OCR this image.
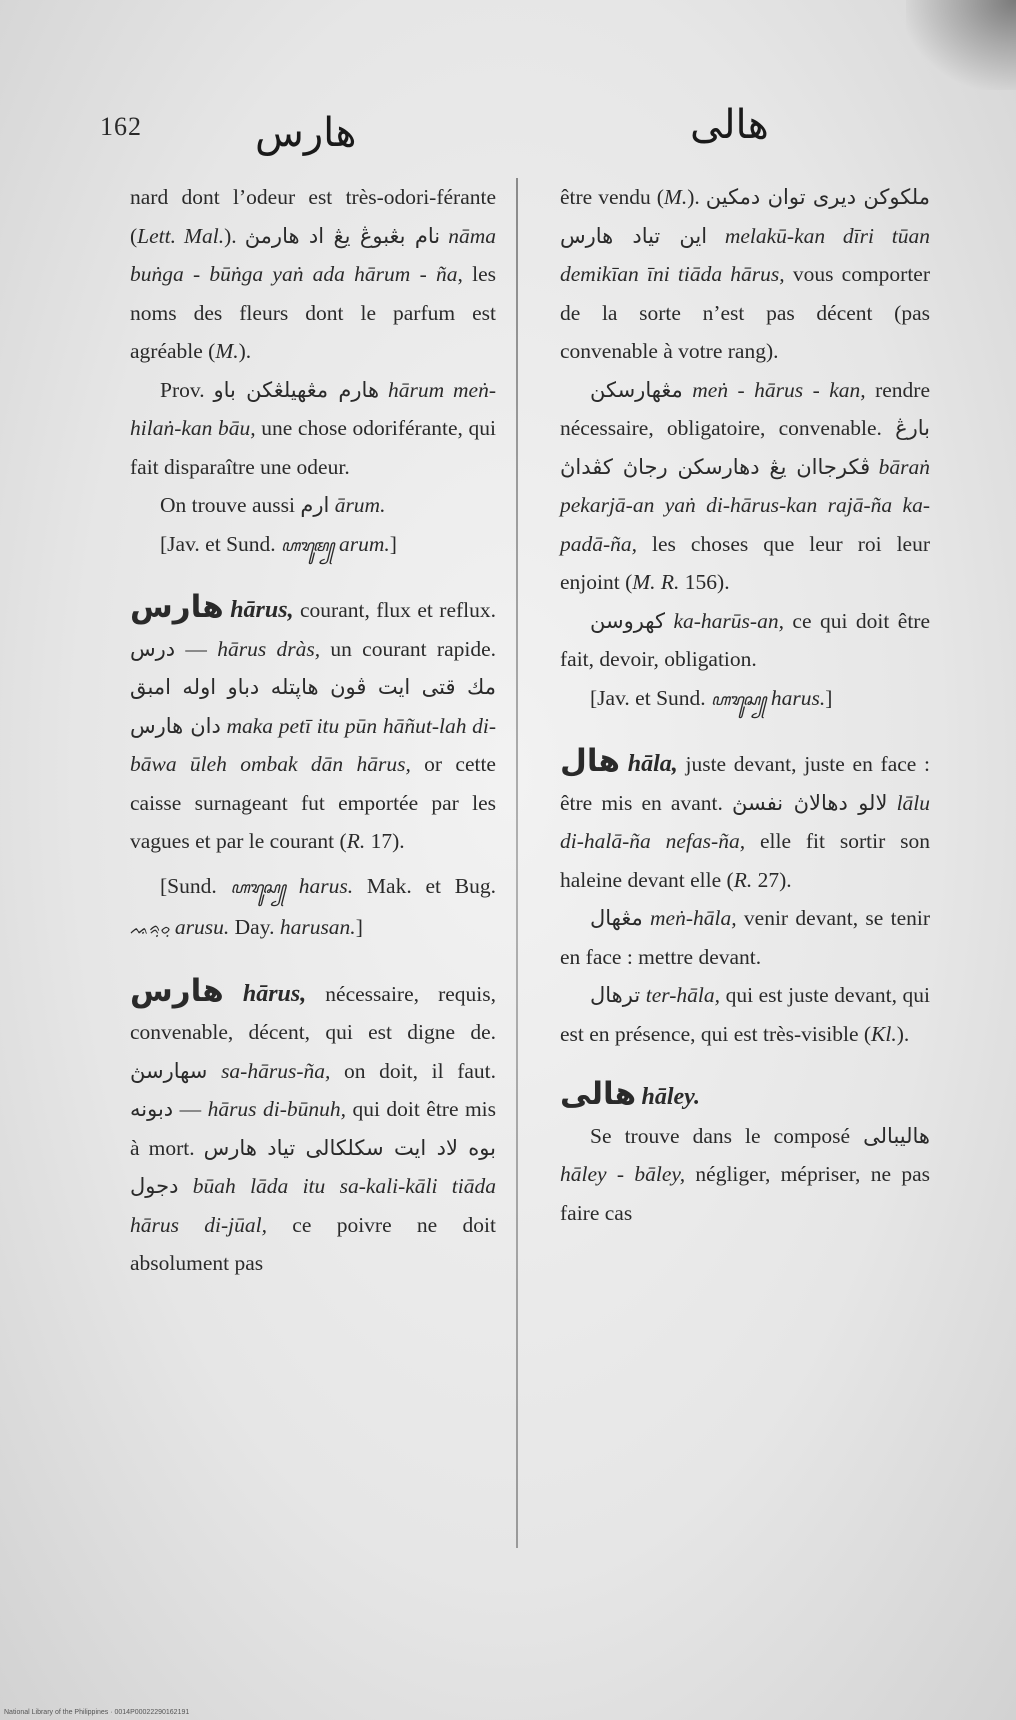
162	هارس	هالى

nard dont l’odeur est très-odori-férante (Lett. Mal.). نام بڠبوڠ يڠ اد هارمڽ nāma buṅga - būṅga yaṅ ada hārum - ña, les noms des fleurs dont le parfum est agréable (M.).

Prov. هارم مڠهيلڠكن باو hārum meṅ-hilaṅ-kan bāu, une chose odoriférante, qui fait disparaître une odeur.

On trouve aussi ارم ārum.

[Jav. et Sund. ꦲꦫꦸꦩ꧀ arum.]

هارس hārus, courant, flux et reflux. درس — hārus dràs, un courant rapide. مك قتى ايت ڤون هاڽتله دباو اوله امبق دان هارس maka petī itu pūn hāñut-lah di-bāwa ūleh ombak dān hārus, or cette caisse surnageant fut emportée par les vagues et par le courant (R. 17).

[Sund. ꦲꦫꦸꦱ꧀ harus. Mak. et Bug. ᨕᨑᨘᨔᨘ arusu. Day. harusan.]

هارس hārus, nécessaire, requis, convenable, décent, qui est digne de. سهارسڽ sa-hārus-ña, on doit, il faut. دبونه — hārus di-būnuh, qui doit être mis à mort. بوه لاد ايت سكلكالى تياد هارس دجول būah lāda itu sa-kali-kāli tiāda hārus di-jūal, ce poivre ne doit absolument pas

être vendu (M.). ملكوكن ديرى توان دمكين اين تياد هارس melakū-kan dīri tūan demikīan īni tiāda hārus, vous comporter de la sorte n’est pas décent (pas convenable à votre rang).

مڠهارسكن meṅ - hārus - kan, rendre nécessaire, obligatoire, convenable. بارڠ ڤكرجاان يڠ دهارسكن رجاڽ كڤداڽ bāraṅ pekarjā-an yaṅ di-hārus-kan rajā-ña ka-padā-ña, les choses que leur roi leur enjoint (M. R. 156).

كهروسن ka-harūs-an, ce qui doit être fait, devoir, obligation.

[Jav. et Sund. ꦲꦫꦸꦱ꧀ harus.]

هال hāla, juste devant, juste en face : être mis en avant. لالو دهالاڽ نفسڽ lālu di-halā-ña nefas-ña, elle fit sortir son haleine devant elle (R. 27).

مڠهال meṅ-hāla, venir devant, se tenir en face : mettre devant.

ترهال ter-hāla, qui est juste devant, qui est en présence, qui est très-visible (Kl.).

هالى hāley.

Se trouve dans le composé هاليبالى hāley - bāley, négliger, mépriser, ne pas faire cas

National Library of the Philippines · 0014P00022290162191
